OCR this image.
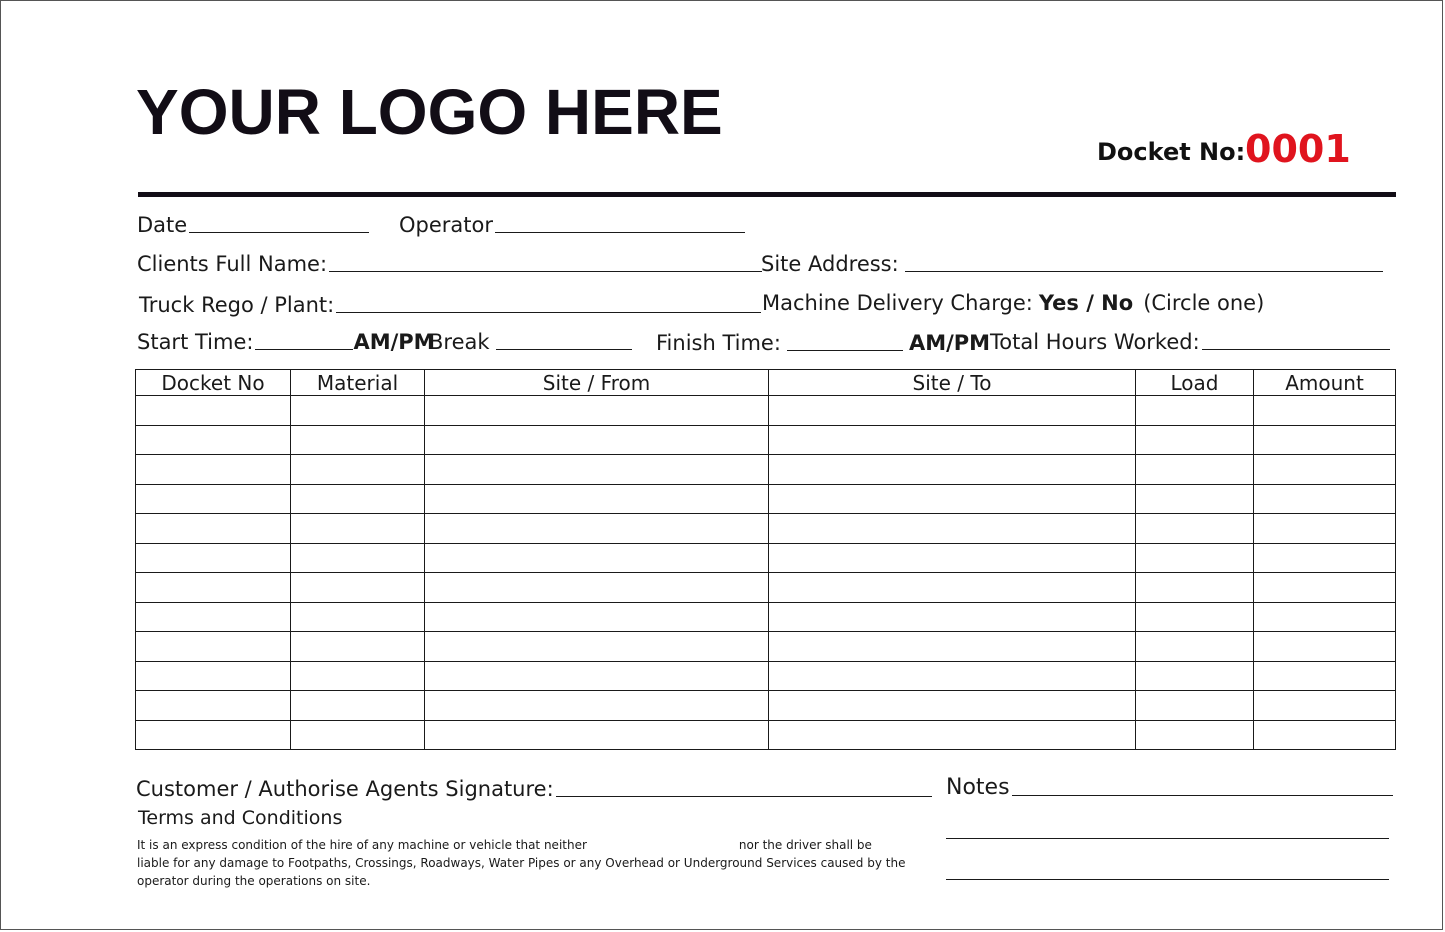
YOUR LOGO HERE
Docket No: 0001
Date	Operator
Clients Full Name:	Site Address:
Truck Rego / Plant:	Machine Delivery Charge: Yes / No (Circle one)
Start Time:	AM/PM
Break	Finish Time:	AM/PM Total Hours Worked:
Docket No	Material	Site / From	Site / To	Load	Amount

Customer / Authorise Agents Signature:
Terms and Conditions
It is an express condition of the hire of any machine or vehicle that neither	nor the driver shall be liable for any damage to Footpaths, Crossings, Roadways, Water Pipes or any Overhead or Underground Services caused by the operator during the operations on site.
Notes
